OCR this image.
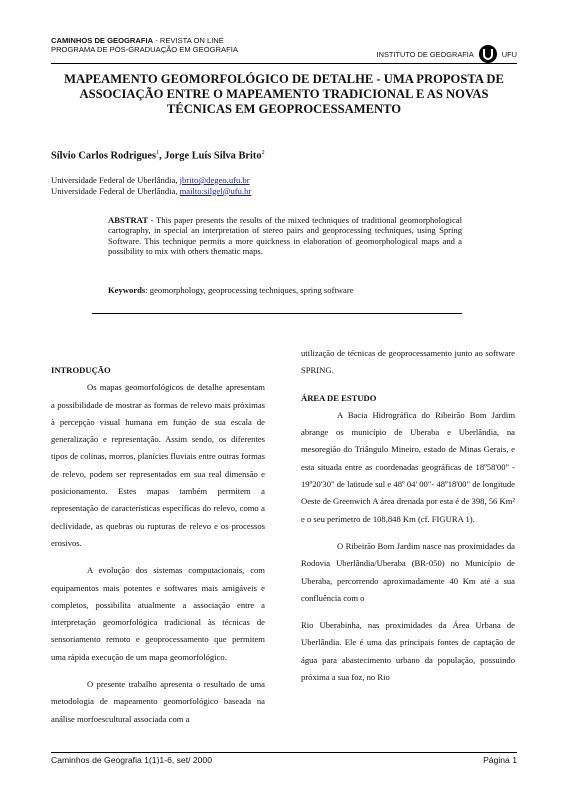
CAMINHOS DE GEOGRAFIA - REVISTA ON LINE
PROGRAMA DE PÓS-GRADUAÇÃO EM GEOGRAFIA	INSTITUTO DE GEOGRAFIA	UFU
MAPEAMENTO GEOMORFOLÓGICO DE DETALHE - UMA PROPOSTA DE ASSOCIAÇÃO ENTRE O MAPEAMENTO TRADICIONAL E AS NOVAS TÉCNICAS EM GEOPROCESSAMENTO
Sílvio Carlos Rodrigues$^1$, Jorge Luís Silva Brito$^2$
Universidade Federal de Uberlândia, jbrito@degeo.ufu.br
Universidade Federal de Uberlândia, mailto:silgel@ufu.br
ABSTRAT - This paper presents the results of the mixed techniques of traditional geomorphological cartography, in special an interpretation of stereo pairs and geoprocessing techniques, using Spring Software. This technique permits a more quickness in elaboration of geomorphological maps and a possibility to mix with others thematic maps.
Keywords: geomorphology, geoprocessing techniques, spring software
INTRODUÇÃO

Os mapas geomorfológicos de detalhe apresentam a possibilidade de mostrar as formas de relevo mais próximas à percepção visual humana em função de sua escala de generalização e representação. Assim sendo, os diferentes tipos de colinas, morros, planícies fluviais entre outras formas de relevo, podem ser representados em sua real dimensão e posicionamento. Estes mapas também permitem a representação de características específicas do relevo, como a declividade, as quebras ou rupturas de relevo e os processos erosivos.

A evolução dos sistemas computacionais, com equipamentos mais potentes e softwares mais amigáveis e completos, possibilita atualmente a associação entre a interpretação geomorfológica tradicional às técnicas de sensoriamento remoto e geoprocessamento que permitem uma rápida execução de um mapa geomorfológico.

O presente trabalho apresenta o resultado de uma metodologia de mapeamento geomorfológico baseada na análise morfoescultural associada com a

utilização de técnicas de geoprocessamento junto ao software SPRING.

ÁREA DE ESTUDO

A Bacia Hidrográfica do Ribeirão Bom Jardim abrange os município de Uberaba e Uberlândia, na mesoregião do Triângulo Mineiro, estado de Minas Gerais, e esta situada entre as coordenadas geográficas de 18º58'00" - 19º20'30" de latitude sul e 48º 04' 00"- 48º18'00" de longitude Oeste de Greenwich A área drenada por esta é de 398, 56 Km² e o seu perímetro de 108,848 Km (cf. FIGURA 1).

O Ribeirão Bom Jardim nasce nas proximidades da Rodovia Uberlândia/Uberaba (BR-050) no Município de Uberaba, percorrendo aproximadamente 40 Km até a sua confluência com o

Rio Uberabinha, nas proximidades da Área Urbana de Uberlândia. Ele é uma das principais fontes de captação de água para abastecimento urbano da população, possuindo próxima a sua foz, no Rio

Caminhos de Geografia 1(1)1-6, set/ 2000	Página 1
